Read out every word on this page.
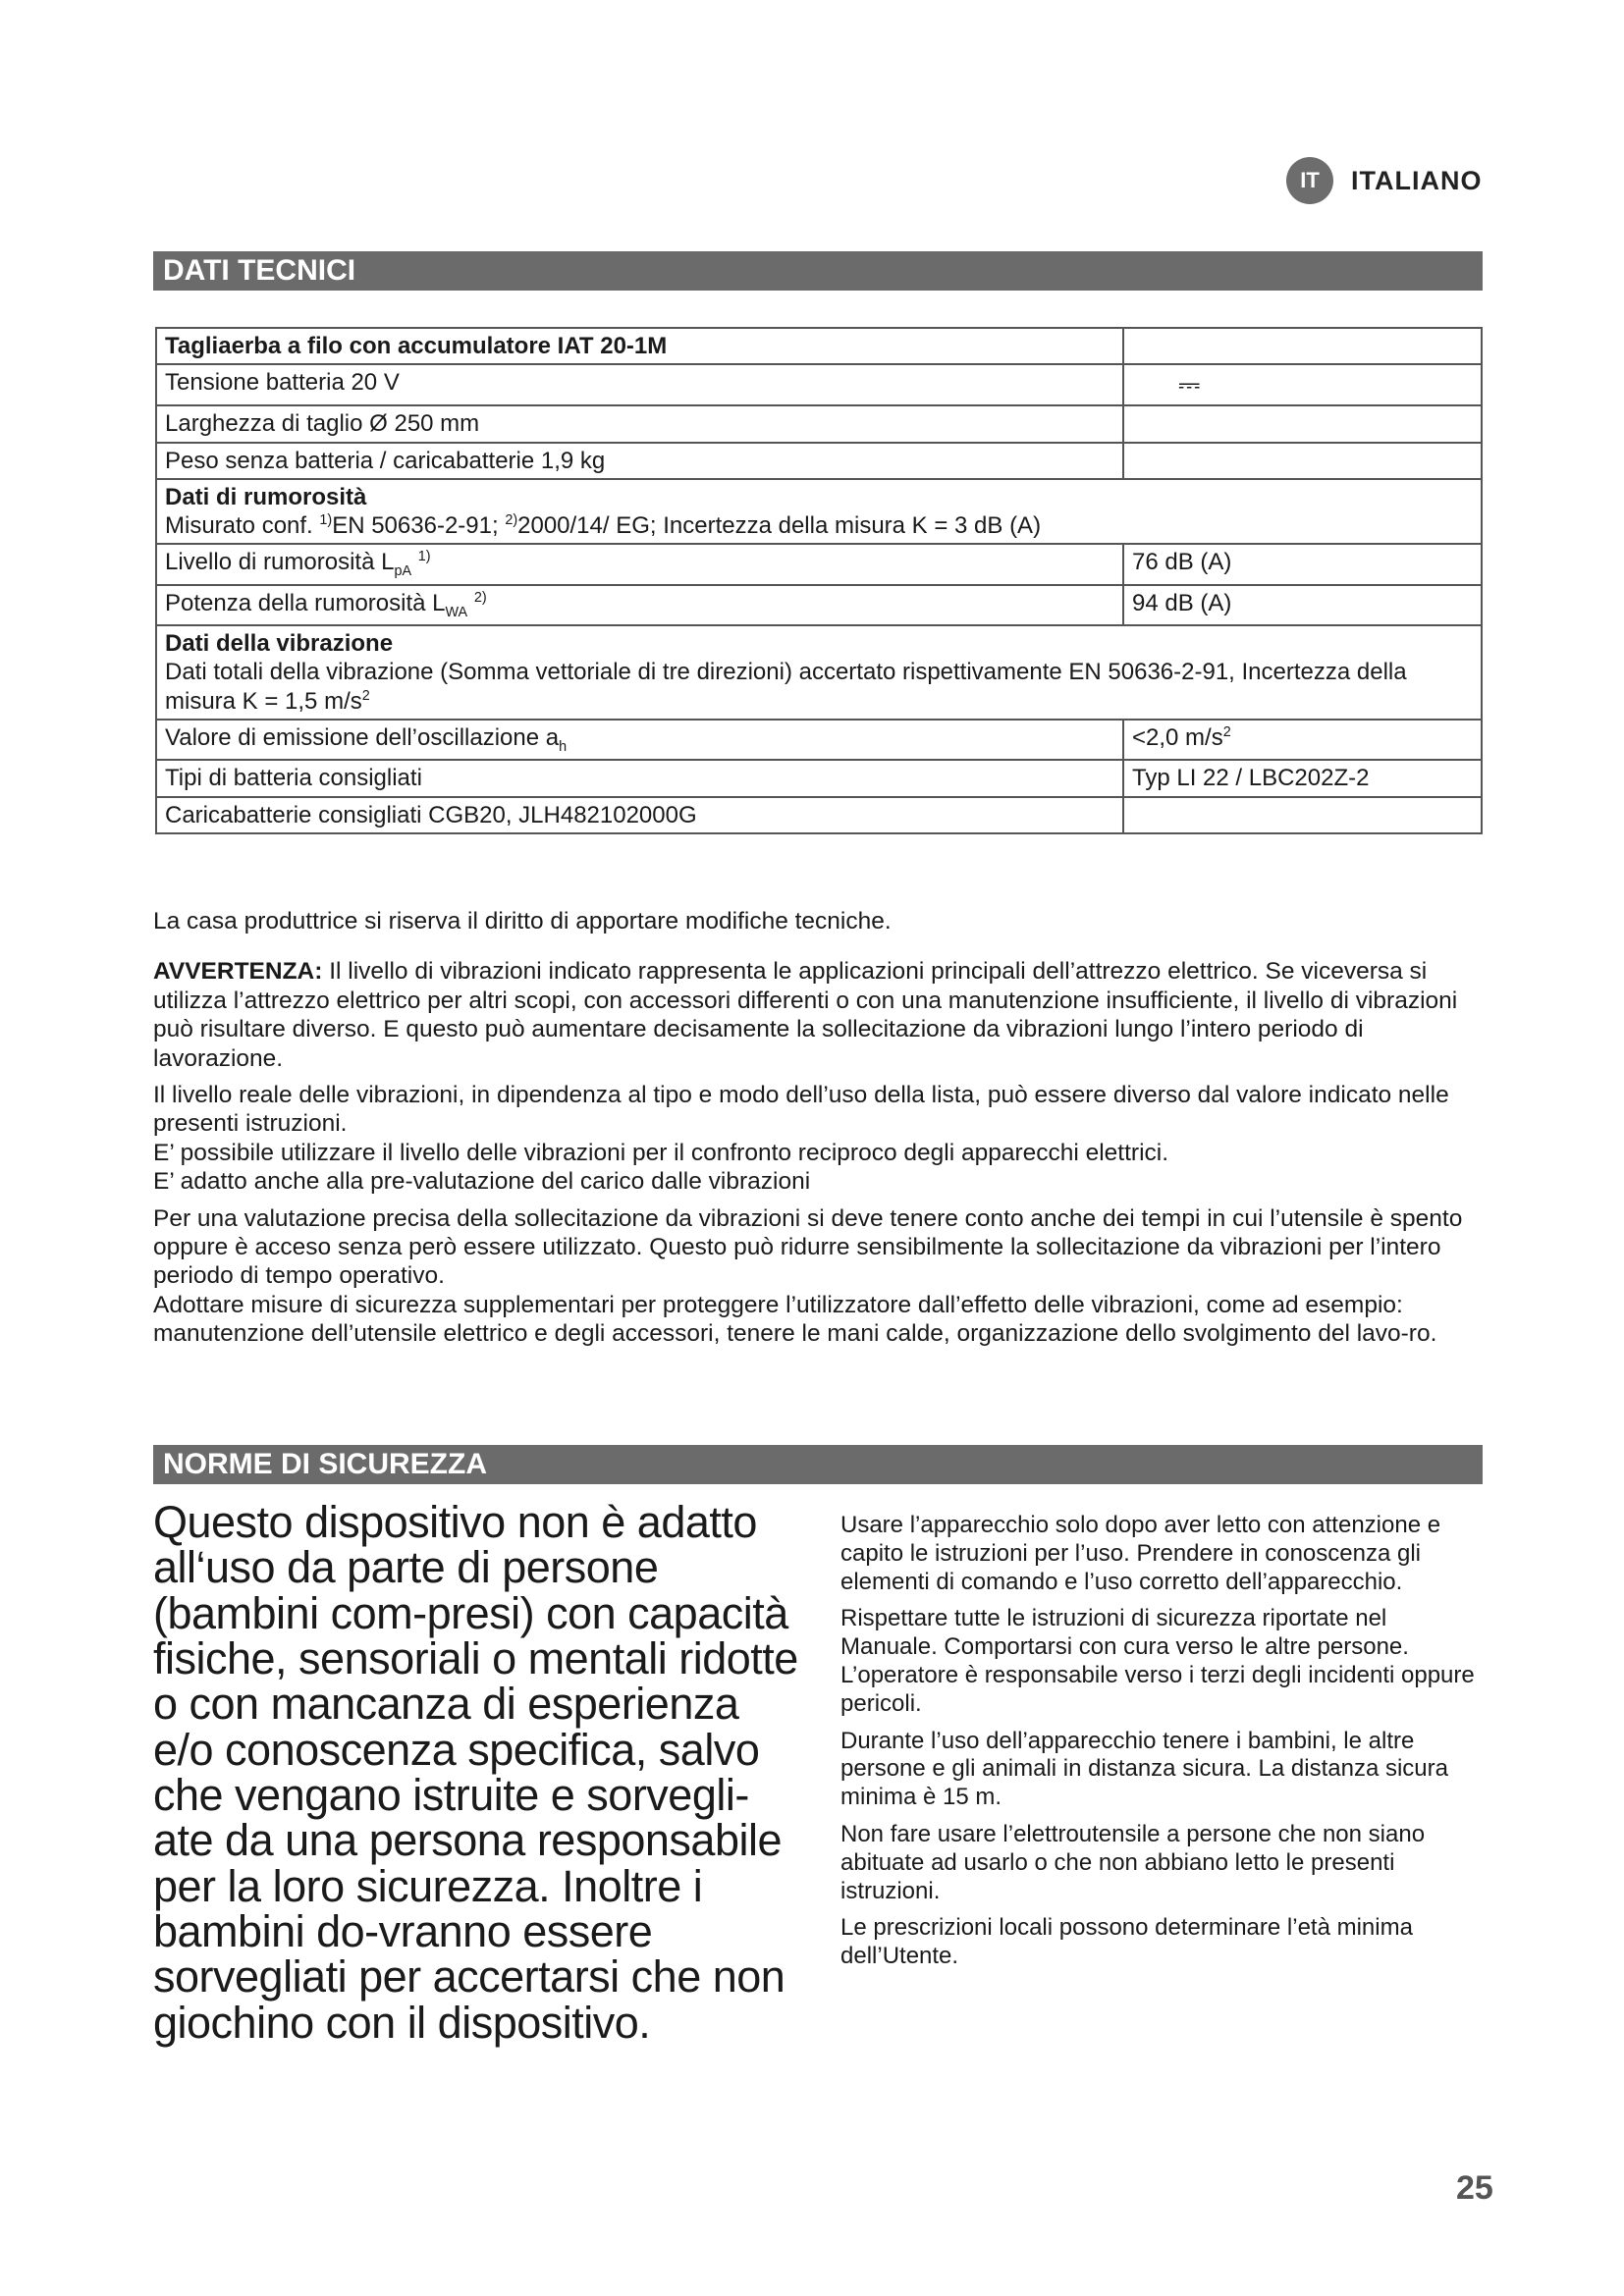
IT	ITALIANO
DATI TECNICI
Tagliaerba a filo con accumulatore IAT 20-1M	
Tensione batteria 20 V	⎓
Larghezza di taglio Ø 250 mm	
Peso senza batteria / caricabatterie 1,9 kg	
Dati di rumorosità
Misurato conf. $^{1)}$EN 50636-2-91; $^{2)}$2000/14/ EG; Incertezza della misura K = 3 dB (A)	
Livello di rumorosità $L_{pA}$ $^{1)}$	76 dB (A)
Potenza della rumorosità $L_{WA}$ $^{2)}$	94 dB (A)
Dati della vibrazione
Dati totali della vibrazione (Somma vettoriale di tre direzioni) accertato rispettivamente EN 50636-2-91, Incertezza della misura K = 1,5 $m/s^2$
Valore di emissione dell’oscillazione $a_h$	<2,0 $m/s^2$
Tipi di batteria consigliati	Typ LI 22 / LBC202Z-2
Caricabatterie consigliati CGB20, JLH482102000G	

La casa produttrice si riserva il diritto di apportare modifiche tecniche.

AVVERTENZA: Il livello di vibrazioni indicato rappresenta le applicazioni principali dell’attrezzo elettrico. Se viceversa si utilizza l’attrezzo elettrico per altri scopi, con accessori differenti o con una manutenzione insufficiente, il livello di vibrazioni può risultare diverso. E questo può aumentare decisamente la sollecitazione da vibrazioni lungo l’intero periodo di lavorazione.

Il livello reale delle vibrazioni, in dipendenza al tipo e modo dell’uso della lista, può essere diverso dal valore indicato nelle presenti istruzioni.

E’ possibile utilizzare il livello delle vibrazioni per il confronto reciproco degli apparecchi elettrici.

E’ adatto anche alla pre-valutazione del carico dalle vibrazioni

Per una valutazione precisa della sollecitazione da vibrazioni si deve tenere conto anche dei tempi in cui l’utensile è spento oppure è acceso senza però essere utilizzato. Questo può ridurre sensibilmente la sollecitazione da vibrazioni per l’intero periodo di tempo operativo.

Adottare misure di sicurezza supplementari per proteggere l’utilizzatore dall’effetto delle vibrazioni, come ad esempio: manutenzione dell’utensile elettrico e degli accessori, tenere le mani calde, organizzazione dello svolgimento del lavo-ro.

NORME DI SICUREZZA
Questo dispositivo non è adatto all‘uso da parte di persone (bambini com-presi) con capacità fisiche, sensoriali o mentali ridotte o con mancanza di esperienza e/o conoscenza specifica, salvo che vengano istruite e sorvegli-ate da una persona responsabile per la loro sicurezza. Inoltre i bambini do-vranno essere sorvegliati per accertarsi che non giochino con il dispositivo.

Usare l’apparecchio solo dopo aver letto con attenzione e capito le istruzioni per l’uso. Prendere in conoscenza gli elementi di comando e l’uso corretto dell’apparecchio.

Rispettare tutte le istruzioni di sicurezza riportate nel Manuale. Comportarsi con cura verso le altre persone. L’operatore è responsabile verso i terzi degli incidenti oppure pericoli.

Durante l’uso dell’apparecchio tenere i bambini, le altre persone e gli animali in distanza sicura. La distanza sicura minima è 15 m.

Non fare usare l’elettroutensile a persone che non siano abituate ad usarlo o che non abbiano letto le presenti istruzioni.

Le prescrizioni locali possono determinare l’età minima dell’Utente.

25
